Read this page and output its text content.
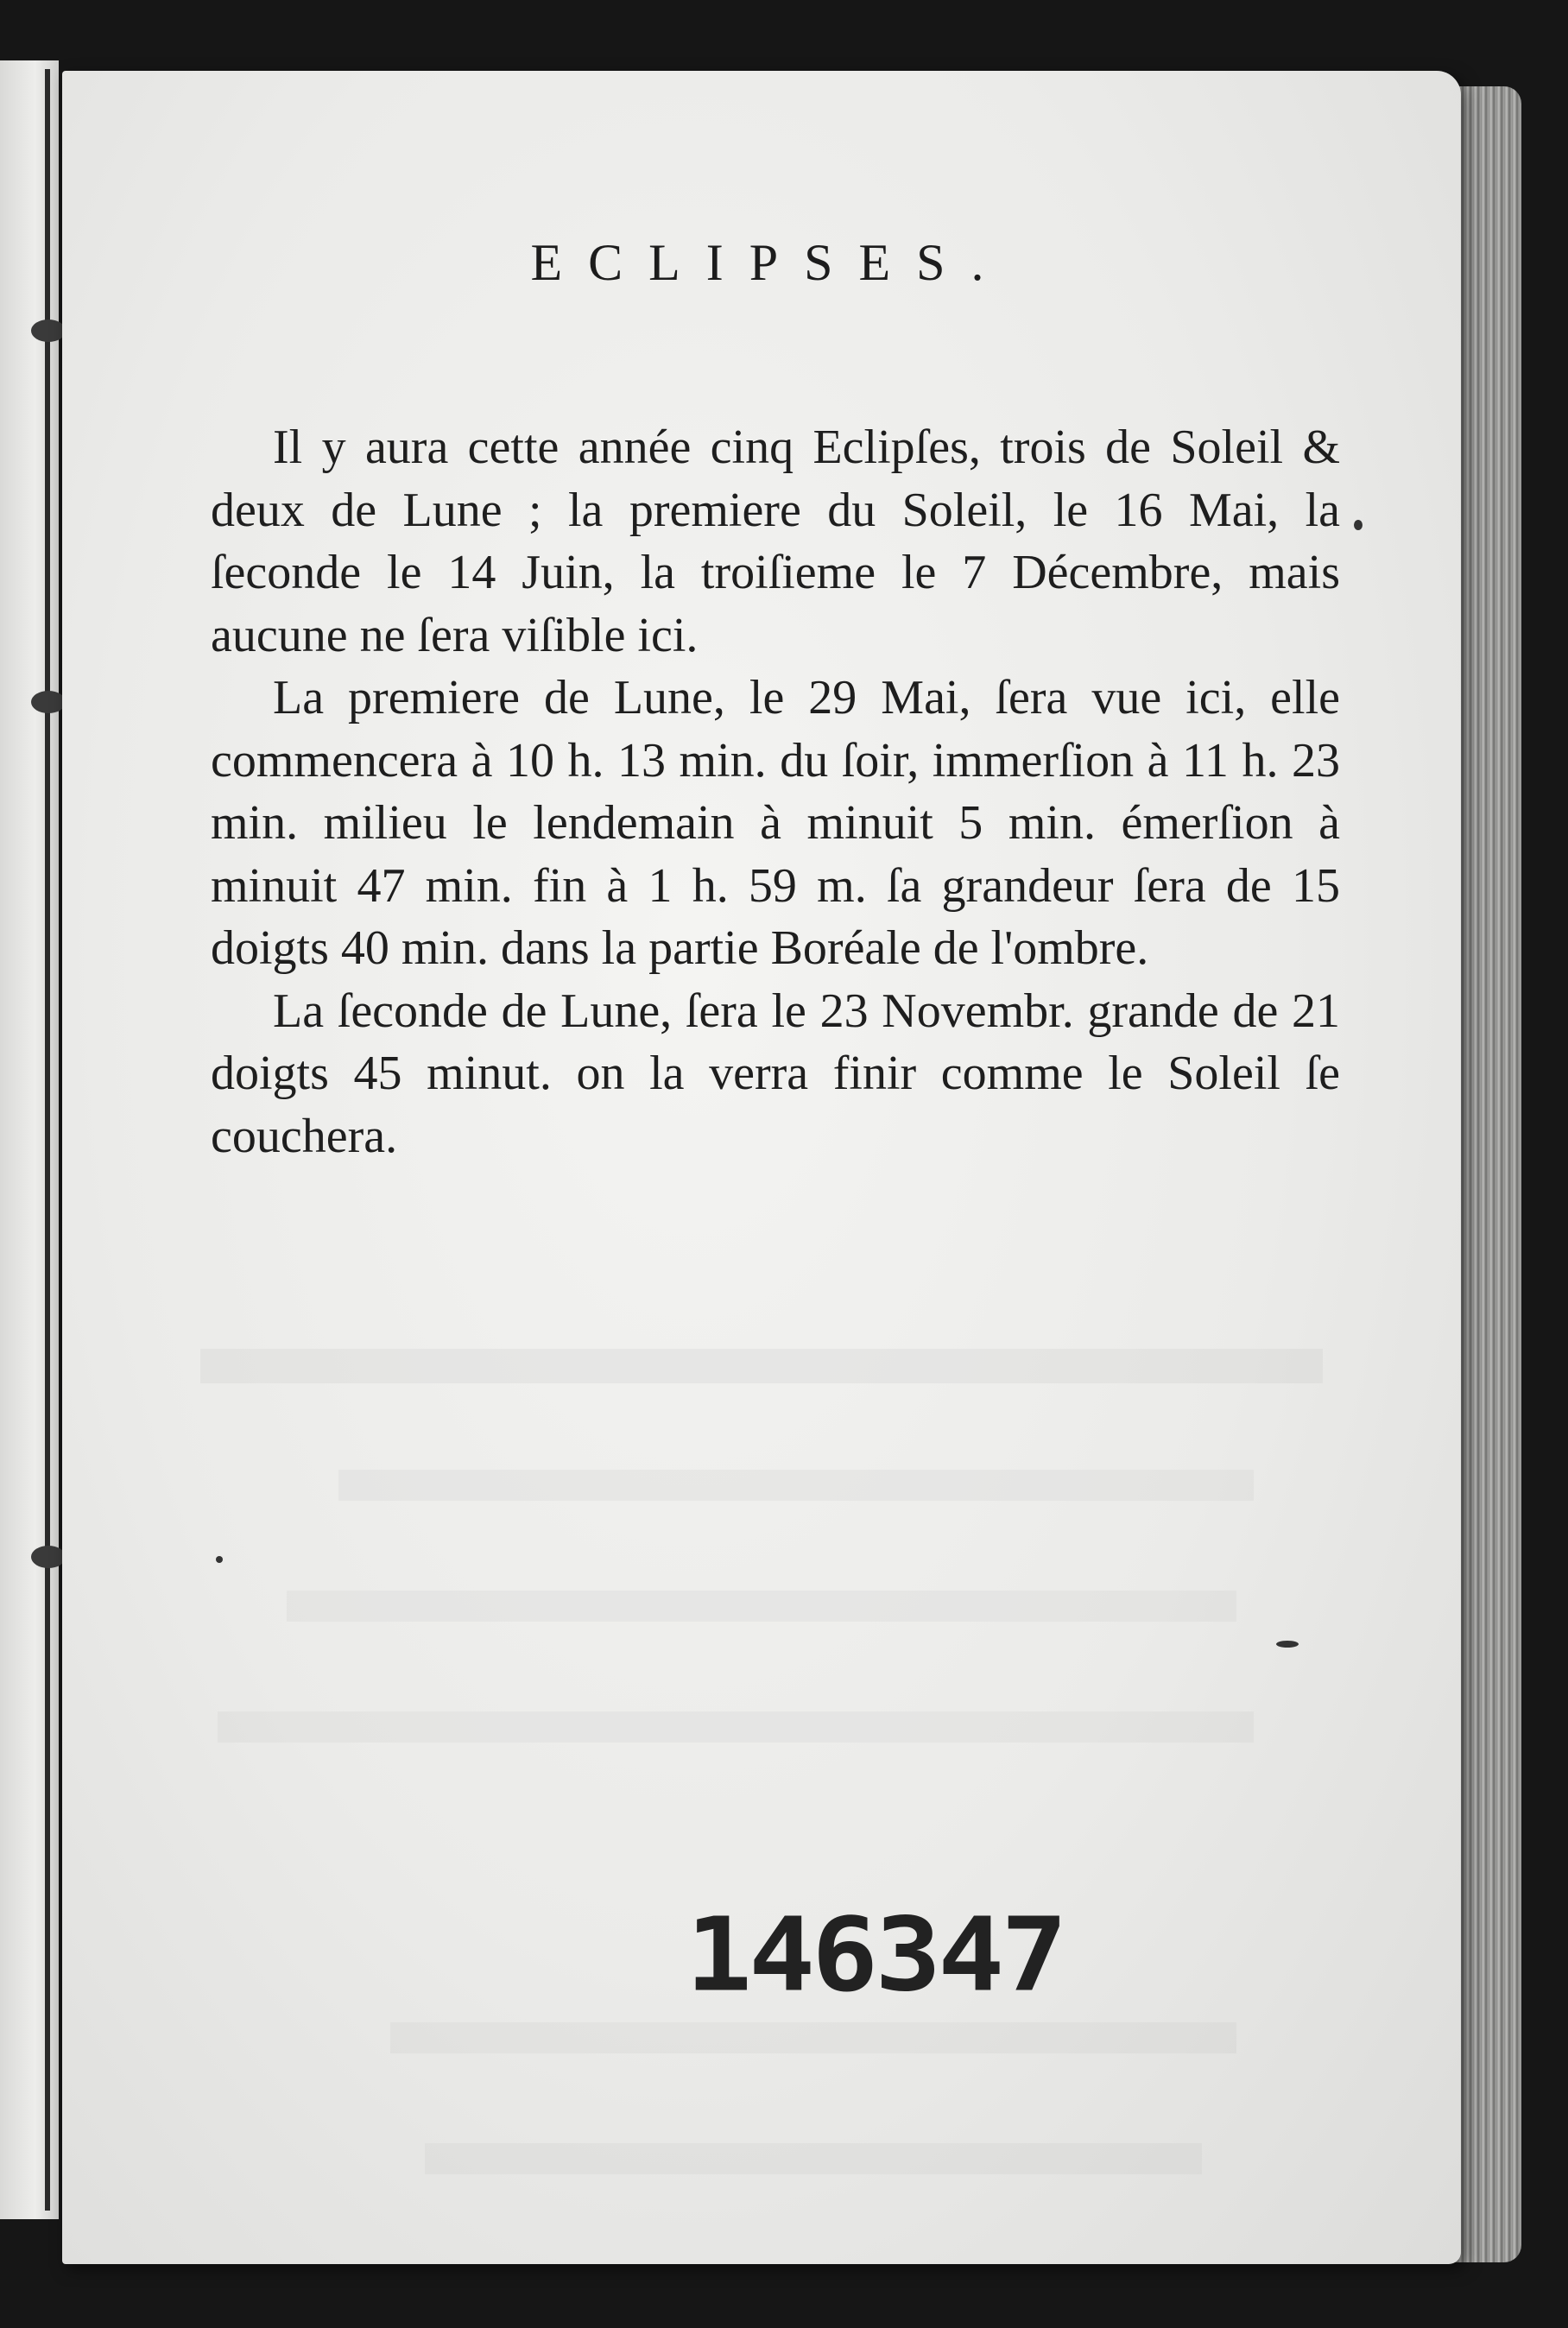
ECLIPSES.

Il y aura cette année cinq Eclipſes, trois de Soleil & deux de Lune ; la premiere du Soleil, le 16 Mai, la ſeconde le 14 Juin, la troiſieme le 7 Décembre, mais aucune ne ſera viſible ici.

La premiere de Lune, le 29 Mai, ſera vue ici, elle commencera à 10 h. 13 min. du ſoir, immerſion à 11 h. 23 min. milieu le lendemain à minuit 5 min. émerſion à minuit 47 min. fin à 1 h. 59 m. ſa grandeur ſera de 15 doigts 40 min. dans la partie Boréale de l'ombre.

La ſeconde de Lune, ſera le 23 Novembr. grande de 21 doigts 45 minut. on la verra finir comme le Soleil ſe couchera.

146347
